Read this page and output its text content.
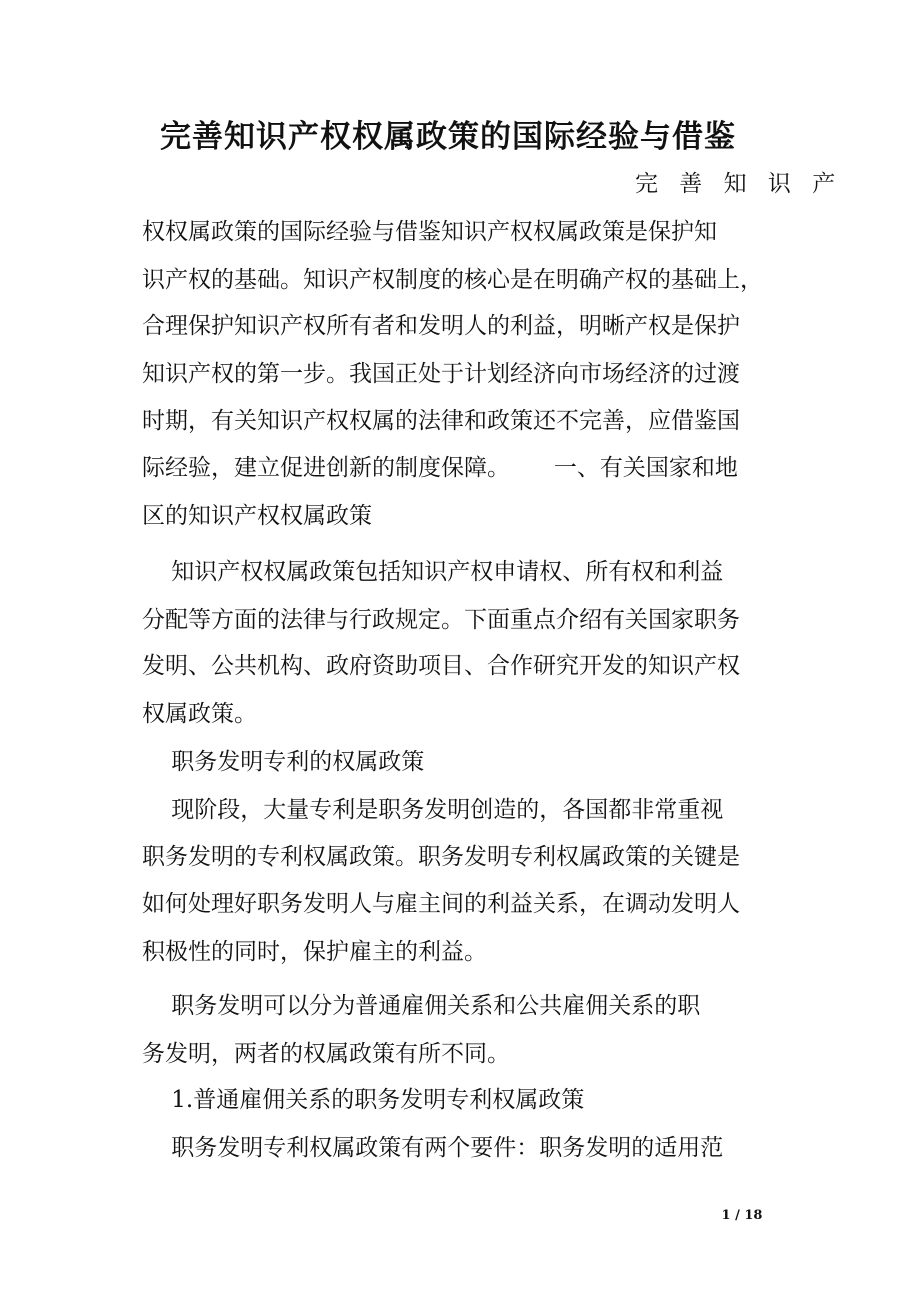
完善知识产权权属政策的国际经验与借鉴

完 善 知 识 产

权权属政策的国际经验与借鉴知识产权权属政策是保护知

识产权的基础。知识产权制度的核心是在明确产权的基础上，

合理保护知识产权所有者和发明人的利益，明晰产权是保护

知识产权的第一步。我国正处于计划经济向市场经济的过渡

时期，有关知识产权权属的法律和政策还不完善，应借鉴国

际经验，建立促进创新的制度保障。      一、有关国家和地

区的知识产权权属政策

知识产权权属政策包括知识产权申请权、所有权和利益

分配等方面的法律与行政规定。下面重点介绍有关国家职务

发明、公共机构、政府资助项目、合作研究开发的知识产权

权属政策。

职务发明专利的权属政策

现阶段，大量专利是职务发明创造的，各国都非常重视

职务发明的专利权属政策。职务发明专利权属政策的关键是

如何处理好职务发明人与雇主间的利益关系，在调动发明人

积极性的同时，保护雇主的利益。

职务发明可以分为普通雇佣关系和公共雇佣关系的职

务发明，两者的权属政策有所不同。

1.普通雇佣关系的职务发明专利权属政策

职务发明专利权属政策有两个要件：职务发明的适用范

1 / 18
